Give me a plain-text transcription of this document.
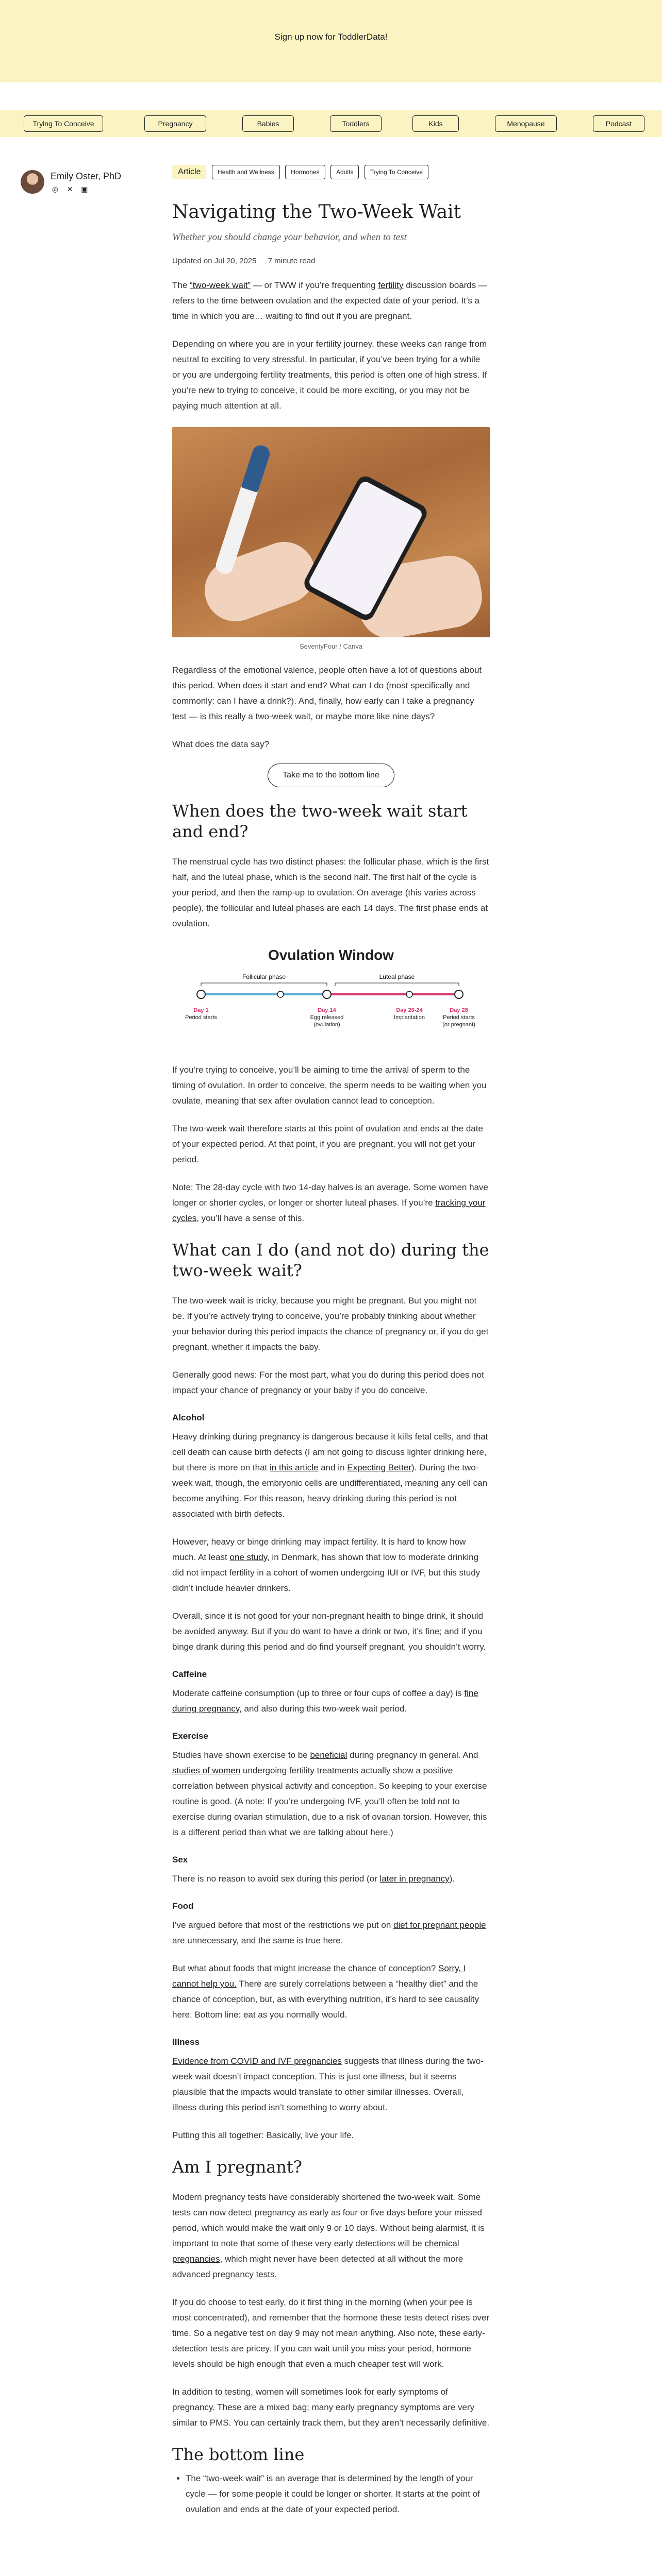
Sign up now for ToddlerData!
Trying To Conceive	Pregnancy	Babies	Toddlers	Kids	Menopause	Podcast
Emily Oster, PhD
◎ ✕ ▣
Article	Health and Wellness	Hormones	Adults	Trying To Conceive
Navigating the Two-Week Wait
Whether you should change your behavior, and when to test
Updated on Jul 20, 2025 7 minute read

The “two-week wait” — or TWW if you’re frequenting fertility discussion boards — refers to the time between ovulation and the expected date of your period. It’s a time in which you are… waiting to find out if you are pregnant.

Depending on where you are in your fertility journey, these weeks can range from neutral to exciting to very stressful. In particular, if you’ve been trying for a while or you are undergoing fertility treatments, this period is often one of high stress. If you’re new to trying to conceive, it could be more exciting, or you may not be paying much attention at all.

SeventyFour / Canva

Regardless of the emotional valence, people often have a lot of questions about this period. When does it start and end? What can I do (most specifically and commonly: can I have a drink?). And, finally, how early can I take a pregnancy test — is this really a two-week wait, or maybe more like nine days?

What does the data say?

Take me to the bottom line
When does the two-week wait start and end?

The menstrual cycle has two distinct phases: the follicular phase, which is the first half, and the luteal phase, which is the second half. The first half of the cycle is your period, and then the ramp-up to ovulation. On average (this varies across people), the follicular and luteal phases are each 14 days. The first phase ends at ovulation.

Ovulation Window
Follicular phase	Luteal phase
Day 1
Period starts
Day 14
Egg released
(ovulation)
Day 20-24
Implantation
Day 28
Period starts
(or pregnant)

If you’re trying to conceive, you’ll be aiming to time the arrival of sperm to the timing of ovulation. In order to conceive, the sperm needs to be waiting when you ovulate, meaning that sex after ovulation cannot lead to conception.

The two-week wait therefore starts at this point of ovulation and ends at the date of your expected period. At that point, if you are pregnant, you will not get your period.

Note: The 28-day cycle with two 14-day halves is an average. Some women have longer or shorter cycles, or longer or shorter luteal phases. If you’re tracking your cycles, you’ll have a sense of this.

What can I do (and not do) during the two-week wait?

The two-week wait is tricky, because you might be pregnant. But you might not be. If you’re actively trying to conceive, you’re probably thinking about whether your behavior during this period impacts the chance of pregnancy or, if you do get pregnant, whether it impacts the baby.

Generally good news: For the most part, what you do during this period does not impact your chance of pregnancy or your baby if you do conceive.

Alcohol

Heavy drinking during pregnancy is dangerous because it kills fetal cells, and that cell death can cause birth defects (I am not going to discuss lighter drinking here, but there is more on that in this article and in Expecting Better). During the two-week wait, though, the embryonic cells are undifferentiated, meaning any cell can become anything. For this reason, heavy drinking during this period is not associated with birth defects.

However, heavy or binge drinking may impact fertility. It is hard to know how much. At least one study, in Denmark, has shown that low to moderate drinking did not impact fertility in a cohort of women undergoing IUI or IVF, but this study didn’t include heavier drinkers.

Overall, since it is not good for your non-pregnant health to binge drink, it should be avoided anyway. But if you do want to have a drink or two, it’s fine; and if you binge drank during this period and do find yourself pregnant, you shouldn’t worry.

Caffeine

Moderate caffeine consumption (up to three or four cups of coffee a day) is fine during pregnancy, and also during this two-week wait period.

Exercise

Studies have shown exercise to be beneficial during pregnancy in general. And studies of women undergoing fertility treatments actually show a positive correlation between physical activity and conception. So keeping to your exercise routine is good. (A note: If you’re undergoing IVF, you’ll often be told not to exercise during ovarian stimulation, due to a risk of ovarian torsion. However, this is a different period than what we are talking about here.)

Sex

There is no reason to avoid sex during this period (or later in pregnancy).

Food

I’ve argued before that most of the restrictions we put on diet for pregnant people are unnecessary, and the same is true here.

But what about foods that might increase the chance of conception? Sorry, I cannot help you. There are surely correlations between a “healthy diet” and the chance of conception, but, as with everything nutrition, it’s hard to see causality here. Bottom line: eat as you normally would.

Illness

Evidence from COVID and IVF pregnancies suggests that illness during the two-week wait doesn’t impact conception. This is just one illness, but it seems plausible that the impacts would translate to other similar illnesses. Overall, illness during this period isn’t something to worry about.

Putting this all together: Basically, live your life.

Am I pregnant?

Modern pregnancy tests have considerably shortened the two-week wait. Some tests can now detect pregnancy as early as four or five days before your missed period, which would make the wait only 9 or 10 days. Without being alarmist, it is important to note that some of these very early detections will be chemical pregnancies, which might never have been detected at all without the more advanced pregnancy tests.

If you do choose to test early, do it first thing in the morning (when your pee is most concentrated), and remember that the hormone these tests detect rises over time. So a negative test on day 9 may not mean anything. Also note, these early-detection tests are pricey. If you can wait until you miss your period, hormone levels should be high enough that even a much cheaper test will work.

In addition to testing, women will sometimes look for early symptoms of pregnancy. These are a mixed bag; many early pregnancy symptoms are very similar to PMS. You can certainly track them, but they aren’t necessarily definitive.

The bottom line
• The “two-week wait” is an average that is determined by the length of your cycle — for some people it could be longer or shorter. It starts at the point of ovulation and ends at the date of your expected period.
